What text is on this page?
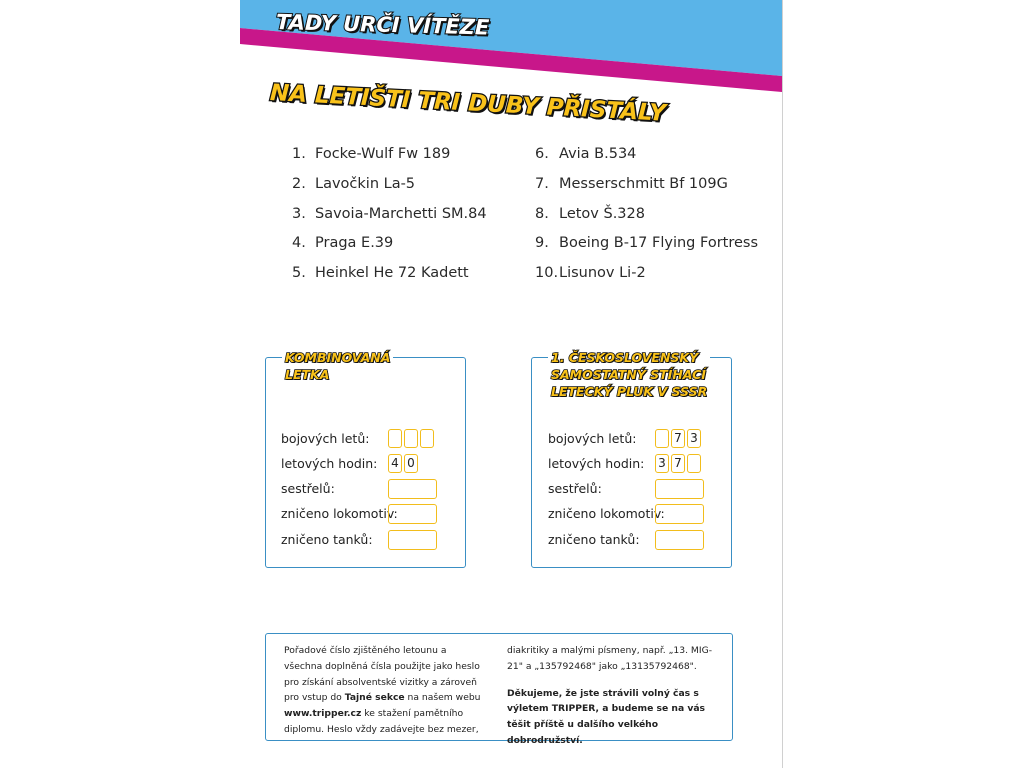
TADY URČI VÍTĚZE
NA LETIŠTI TRI DUBY PŘISTÁLY
1. Focke-Wulf Fw 189
2. Lavočkin La-5
3. Savoia-Marchetti SM.84
4. Praga E.39
5. Heinkel He 72 Kadett
6. Avia B.534
7. Messerschmitt Bf 109G
8. Letov Š.328
9. Boeing B-17 Flying Fortress
10.Lisunov Li-2
KOMBINOVANÁ
LETKA
bojových letů:
letových hodin: 4 0
sestřelů:
zničeno lokomotiv:
zničeno tanků:
1. ČESKOSLOVENSKÝ
SAMOSTATNÝ STÍHACÍ
LETECKÝ PLUK V SSSR
bojových letů:	7 3
letových hodin: 3 7
sestřelů:
zničeno lokomotiv:
zničeno tanků:

Pořadové číslo zjištěného letounu a všechna doplněná čísla použijte jako heslo pro získání absolventské vizitky a zároveň pro vstup do Tajné sekce na našem webu www.tripper.cz ke stažení pamětního diplomu. Heslo vždy zadávejte bez mezer,

diakritiky a malými písmeny, např. „13. MIG-21" a „135792468" jako „13135792468".

Děkujeme, že jste strávili volný čas s výletem TRIPPER, a budeme se na vás těšit příště u dalšího velkého dobrodružství.
